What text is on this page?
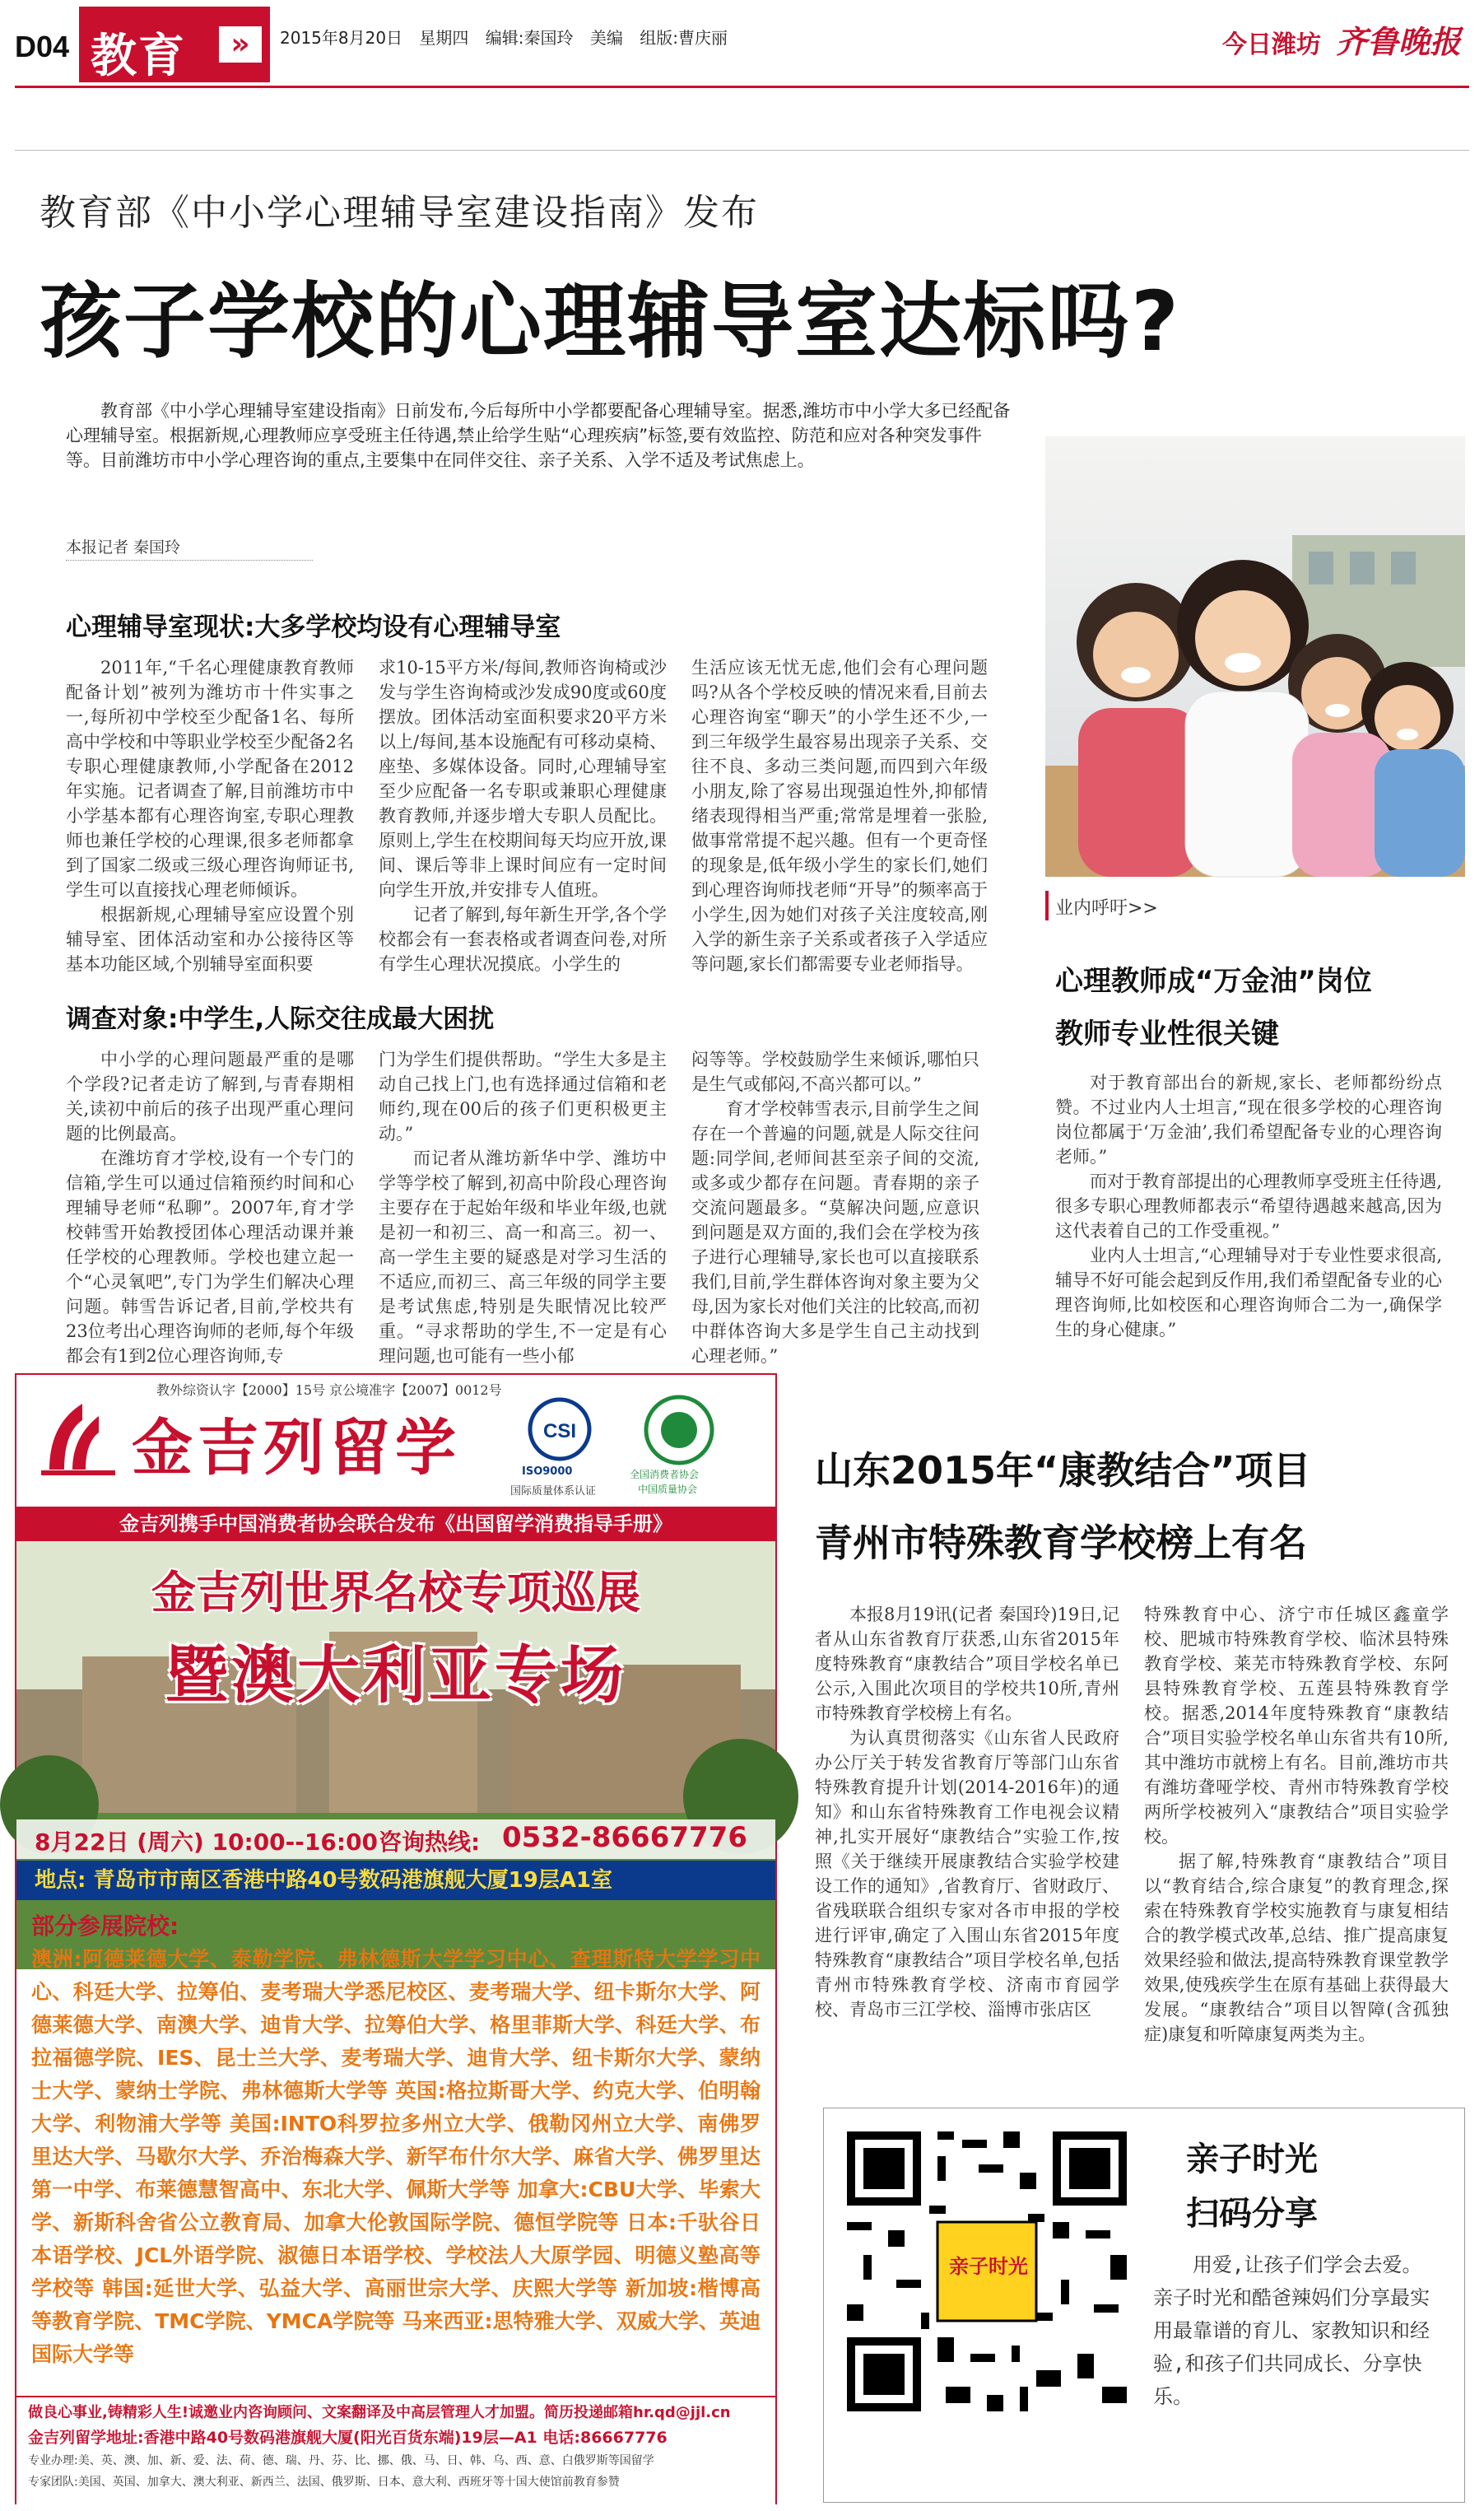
D04 教育	»	2015年8月20日 星期四 编辑:秦国玲 美编 组版:曹庆丽	今日潍坊 齐鲁晚报
教育部《中小学心理辅导室建设指南》发布
孩子学校的心理辅导室达标吗?

教育部《中小学心理辅导室建设指南》日前发布,今后每所中小学都要配备心理辅导室。据悉,潍坊市中小学大多已经配备心理辅导室。根据新规,心理教师应享受班主任待遇,禁止给学生贴“心理疾病”标签,要有效监控、防范和应对各种突发事件等。目前潍坊市中小学心理咨询的重点,主要集中在同伴交往、亲子关系、入学不适及考试焦虑上。

本报记者 秦国玲
心理辅导室现状:大多学校均设有心理辅导室

2011年,“千名心理健康教育教师配备计划”被列为潍坊市十件实事之一,每所初中学校至少配备1名、每所高中学校和中等职业学校至少配备2名专职心理健康教师,小学配备在2012年实施。记者调查了解,目前潍坊市中小学基本都有心理咨询室,专职心理教师也兼任学校的心理课,很多老师都拿到了国家二级或三级心理咨询师证书,学生可以直接找心理老师倾诉。

根据新规,心理辅导室应设置个别辅导室、团体活动室和办公接待区等基本功能区域,个别辅导室面积要

求10-15平方米/每间,教师咨询椅或沙发与学生咨询椅或沙发成90度或60度摆放。团体活动室面积要求20平方米以上/每间,基本设施配有可移动桌椅、座垫、多媒体设备。同时,心理辅导室至少应配备一名专职或兼职心理健康教育教师,并逐步增大专职人员配比。原则上,学生在校期间每天均应开放,课间、课后等非上课时间应有一定时间向学生开放,并安排专人值班。

记者了解到,每年新生开学,各个学校都会有一套表格或者调查问卷,对所有学生心理状况摸底。小学生的

生活应该无忧无虑,他们会有心理问题吗?从各个学校反映的情况来看,目前去心理咨询室“聊天”的小学生还不少,一到三年级学生最容易出现亲子关系、交往不良、多动三类问题,而四到六年级小朋友,除了容易出现强迫性外,抑郁情绪表现得相当严重;常常是埋着一张脸,做事常常提不起兴趣。但有一个更奇怪的现象是,低年级小学生的家长们,她们到心理咨询师找老师“开导”的频率高于小学生,因为她们对孩子关注度较高,刚入学的新生亲子关系或者孩子入学适应等问题,家长们都需要专业老师指导。

调查对象:中学生,人际交往成最大困扰

中小学的心理问题最严重的是哪个学段?记者走访了解到,与青春期相关,读初中前后的孩子出现严重心理问题的比例最高。

在潍坊育才学校,设有一个专门的信箱,学生可以通过信箱预约时间和心理辅导老师“私聊”。2007年,育才学校韩雪开始教授团体心理活动课并兼任学校的心理教师。学校也建立起一个“心灵氧吧”,专门为学生们解决心理问题。韩雪告诉记者,目前,学校共有23位考出心理咨询师的老师,每个年级都会有1到2位心理咨询师,专

门为学生们提供帮助。“学生大多是主动自己找上门,也有选择通过信箱和老师约,现在00后的孩子们更积极更主动。”

而记者从潍坊新华中学、潍坊中学等学校了解到,初高中阶段心理咨询主要存在于起始年级和毕业年级,也就是初一和初三、高一和高三。初一、高一学生主要的疑惑是对学习生活的不适应,而初三、高三年级的同学主要是考试焦虑,特别是失眠情况比较严重。“寻求帮助的学生,不一定是有心理问题,也可能有一些小郁

闷等等。学校鼓励学生来倾诉,哪怕只是生气或郁闷,不高兴都可以。”

育才学校韩雪表示,目前学生之间存在一个普遍的问题,就是人际交往问题:同学间,老师间甚至亲子间的交流,或多或少都存在问题。青春期的亲子交流问题最多。“莫解决问题,应意识到问题是双方面的,我们会在学校为孩子进行心理辅导,家长也可以直接联系我们,目前,学生群体咨询对象主要为父母,因为家长对他们关注的比较高,而初中群体咨询大多是学生自己主动找到心理老师。”

业内呼吁>>
心理教师成“万金油”岗位
教师专业性很关键

对于教育部出台的新规,家长、老师都纷纷点赞。不过业内人士坦言,“现在很多学校的心理咨询岗位都属于‘万金油’,我们希望配备专业的心理咨询老师。”

而对于教育部提出的心理教师享受班主任待遇,很多专职心理教师都表示“希望待遇越来越高,因为这代表着自己的工作受重视。”

业内人士坦言,“心理辅导对于专业性要求很高,辅导不好可能会起到反作用,我们希望配备专业的心理咨询师,比如校医和心理咨询师合二为一,确保学生的身心健康。”

教外综资认字【2000】15号 京公境准字【2007】0012号
金吉列留学	CSI
ISO9000
国际质量体系认证
全国消费者协会
中国质量协会
金吉列携手中国消费者协会联合发布《出国留学消费指导手册》
金吉列世界名校专项巡展
暨澳大利亚专场
8月22日 (周六) 10:00--16:00 咨询热线: 0532-86667776
地点: 青岛市市南区香港中路40号数码港旗舰大厦19层A1室
部分参展院校:
澳洲:阿德莱德大学、泰勒学院、弗林德斯大学学习中心、查理斯特大学学习中心、科廷大学、拉筹伯、麦考瑞大学悉尼校区、麦考瑞大学、纽卡斯尔大学、阿德莱德大学、南澳大学、迪肯大学、拉筹伯大学、格里菲斯大学、科廷大学、布拉福德学院、IES、昆士兰大学、麦考瑞大学、迪肯大学、纽卡斯尔大学、蒙纳士大学、蒙纳士学院、弗林德斯大学等 英国:格拉斯哥大学、约克大学、伯明翰大学、利物浦大学等 美国:INTO科罗拉多州立大学、俄勒冈州立大学、南佛罗里达大学、马歇尔大学、乔治梅森大学、新罕布什尔大学、麻省大学、佛罗里达第一中学、布莱德慧智高中、东北大学、佩斯大学等 加拿大:CBU大学、毕索大学、新斯科舍省公立教育局、加拿大伦敦国际学院、德恒学院等 日本:千驮谷日本语学校、JCL外语学院、淑德日本语学校、学校法人大原学园、明德义塾高等学校等 韩国:延世大学、弘益大学、高丽世宗大学、庆熙大学等 新加坡:楷博高等教育学院、TMC学院、YMCA学院等 马来西亚:思特雅大学、双威大学、英迪国际大学等
做良心事业,铸精彩人生!诚邀业内咨询顾问、文案翻译及中高层管理人才加盟。简历投递邮箱hr.qd@jjl.cn
金吉列留学地址:香港中路40号数码港旗舰大厦(阳光百货东端)19层—A1 电话:86667776
专业办理:美、英、澳、加、新、爱、法、荷、德、瑞、丹、芬、比、挪、俄、马、日、韩、乌、西、意、白俄罗斯等国留学
专家团队:美国、英国、加拿大、澳大利亚、新西兰、法国、俄罗斯、日本、意大利、西班牙等十国大使馆前教育参赞
山东2015年“康教结合”项目
青州市特殊教育学校榜上有名

本报8月19讯(记者 秦国玲)19日,记者从山东省教育厅获悉,山东省2015年度特殊教育“康教结合”项目学校名单已公示,入围此次项目的学校共10所,青州市特殊教育学校榜上有名。

为认真贯彻落实《山东省人民政府办公厅关于转发省教育厅等部门山东省特殊教育提升计划(2014-2016年)的通知》和山东省特殊教育工作电视会议精神,扎实开展好“康教结合”实验工作,按照《关于继续开展康教结合实验学校建设工作的通知》,省教育厅、省财政厅、省残联联合组织专家对各市申报的学校进行评审,确定了入围山东省2015年度特殊教育“康教结合”项目学校名单,包括青州市特殊教育学校、济南市育园学校、青岛市三江学校、淄博市张店区

特殊教育中心、济宁市任城区鑫童学校、肥城市特殊教育学校、临沭县特殊教育学校、莱芜市特殊教育学校、东阿县特殊教育学校、五莲县特殊教育学校。据悉,2014年度特殊教育“康教结合”项目实验学校名单山东省共有10所,其中潍坊市就榜上有名。目前,潍坊市共有潍坊聋哑学校、青州市特殊教育学校两所学校被列入“康教结合”项目实验学校。

据了解,特殊教育“康教结合”项目以“教育结合,综合康复”的教育理念,探索在特殊教育学校实施教育与康复相结合的教学模式改革,总结、推广提高康复效果经验和做法,提高特殊教育课堂教学效果,使残疾学生在原有基础上获得最大发展。“康教结合”项目以智障(含孤独症)康复和听障康复两类为主。

亲子时光
亲子时光
扫码分享
用爱,让孩子们学会去爱。亲子时光和酷爸辣妈们分享最实用最靠谱的育儿、家教知识和经验,和孩子们共同成长、分享快乐。
